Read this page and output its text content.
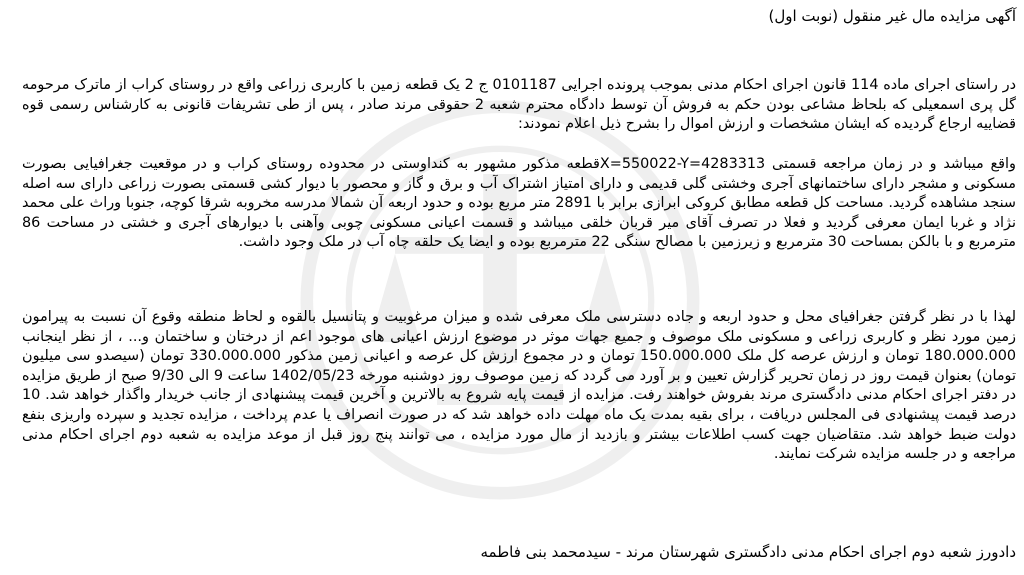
آگهی مزایده مال غیر منقول (نوبت اول)

در راستای اجرای ماده 114 قانون اجرای احکام مدنی بموجب پرونده اجرایی 0101187 ج 2 یک قطعه زمین با کاربری زراعی واقع در روستای کراب از ماترک مرحومه گل پری اسمعیلی که بلحاظ مشاعی بودن حکم به فروش آن توسط دادگاه محترم شعبه 2 حقوقی مرند صادر ، پس از طی تشریفات قانونی به کارشناس رسمی قوه قضاییه ارجاع گردیده که ایشان مشخصات و ارزش اموال را بشرح ذیل اعلام نمودند:

واقع میباشد و در زمان مراجعه قسمتی X=550022-Y=4283313قطعه مذکور مشهور به کنداوستی در محدوده روستای کراب و در موقعیت جغرافیایی بصورت مسکونی و مشجر دارای ساختمانهای آجری وخشتی گلی قدیمی و دارای امتیاز اشتراک آب و برق و گاز و محصور با دیوار کشی قسمتی بصورت زراعی دارای سه اصله سنجد مشاهده گردید. مساحت کل قطعه مطابق کروکی ابرازی برابر با 2891 متر مربع بوده و حدود اربعه آن شمالا مدرسه مخروبه شرقا کوچه، جنوبا وراث علی محمد نژاد و غربا ایمان معرفی گردید و فعلا در تصرف آقای میر قربان خلقی میباشد و قسمت اعیانی مسکونی چوبی وآهنی با دیوارهای آجری و خشتی در مساحت 86 مترمربع و با بالکن بمساحت 30 مترمربع و زیرزمین با مصالح سنگی 22 مترمربع بوده و ایضا یک حلقه چاه آب در ملک وجود داشت.

لهذا با در نظر گرفتن جغرافیای محل و حدود اربعه و جاده دسترسی ملک معرفی شده و میزان مرغوبیت و پتانسیل بالقوه و لحاظ منطقه وقوع آن نسبت به پیرامون زمین مورد نظر و کاربری زراعی و مسکونی ملک موصوف و جمیع جهات موثر در موضوع ارزش اعیانی های موجود اعم از درختان و ساختمان و... ، از نظر اینجانب 180.000.000 تومان و ارزش عرصه کل ملک 150.000.000 تومان و در مجموع ارزش کل عرصه و اعیانی زمین مذکور 330.000.000 تومان (سیصدو سی میلیون تومان) بعنوان قیمت روز در زمان تحریر گزارش تعیین و بر آورد می گردد که زمین موصوف روز دوشنبه مورخه 1402/05/23 ساعت 9 الی 9/30 صبح از طریق مزایده در دفتر اجرای احکام مدنی دادگستری مرند بفروش خواهند رفت. مزایده از قیمت پایه شروع به بالاترین و آخرین قیمت پیشنهادی از جانب خریدار واگذار خواهد شد. 10 درصد قیمت پیشنهادی فی المجلس دریافت ، برای بقیه بمدت یک ماه مهلت داده خواهد شد که در صورت انصراف یا عدم پرداخت ، مزایده تجدید و سپرده واریزی بنفع دولت ضبط خواهد شد. متقاضیان جهت کسب اطلاعات بیشتر و بازدید از مال مورد مزایده ، می توانند پنج روز قبل از موعد مزایده به شعبه دوم اجرای احکام مدنی مراجعه و در جلسه مزایده شرکت نمایند.

دادورز شعبه دوم اجرای احکام مدنی دادگستری شهرستان مرند - سیدمحمد بنی فاطمه
